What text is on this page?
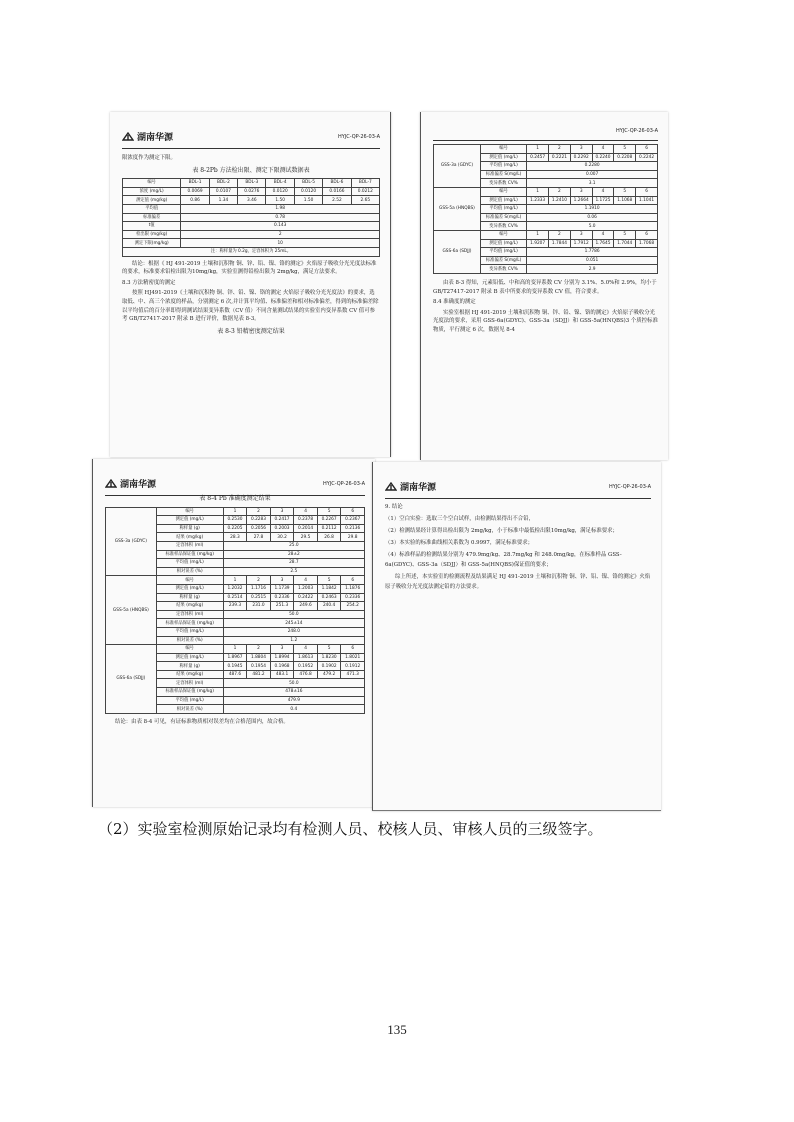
湖南华源	HYJC-QP-26-03-A

限浓度作为测定下限。

表 8-2Pb 方法检出限、测定下限测试数据表
编号	BDL-1	BDL-2	BDL-3	BDL-4	BDL-5	BDL-6	BDL-7
浓度 (mg/L)	0.0069	0.0107	0.0276	0.0120	0.0120	0.0166	0.0212
测定值 (mg/kg)	0.86	1.34	3.46	1.50	1.50	2.52	2.65
平均值	1.98						
标准偏差	0.78						
t值	0.143						
检出限 (mg/kg)	2						
测定下限(mg/kg)	10						
注：称样量为 0.2g，定容体积为 25mL。							

结论：根据《 HJ 491-2019 土壤和沉积物 铜、锌、铅、镍、铬的测定》火焰原子吸收分光光度法标准的要求，标准要求铅检出限为10mg/kg，实验室测得铅检出限为 2mg/kg，满足方法要求。

8.3 方法精密度的测定

按照 HJ491-2019《土壤和沉积物 铜、锌、铅、镍、铬的测定 火焰原子吸收分光光度法》的要求，选取低、中、高三个浓度的样品，分别测定 6 次,并计算平均值、标准偏差和相对标准偏差，得到的标准偏差除以平均值后的百分率即得到测试结果变异系数（CV 值）不同含量测试结果的实验室内变异系数 CV 值可参考 GB/T27417-2017 附录 B 进行评价，数据见表 8-3。

表 8-3 铅精密度测定结果
HYJC-QP-26-03-A
GSS-3a (GDYC)	编号	1	2	3	4	5	6
	测定值 (mg/L)	0.2457	0.2221	0.2292	0.2240	0.2208	0.2242
	平均值 (mg/L)	0.2280					
	标准偏差 S(mg/L)	0.007					
	变异系数 CV%	3.1					
GSS-5a (HNQBS)	编号	1	2	3	4	5	6
	测定值 (mg/L)	1.2333	1.2410	1.2664	1.1725	1.1068	1.1041
	平均值 (mg/L)	1.1910					
	标准偏差 S(mg/L)	0.06					
	变异系数 CV%	5.0					
GSS-6a (SDJJ)	编号	1	2	3	4	5	6
	测定值 (mg/L)	1.9207	1.7844	1.7912	1.7645	1.7044	1.7068
	平均值 (mg/L)	1.7786					
	标准偏差 S(mg/L)	0.051					
	变异系数 CV%	2.9					

由表 8-3 得知，元素铅低、中和高的变异系数 CV 分别为 3.1%、5.0%和 2.9%，均小于 GB/T27417-2017 附录 B 表中所要求的变异系数 CV 值，符合要求。

8.4 准确度的测定

实验室根据 HJ 491-2019 土壤和沉积物 铜、锌、铅、镍、铬的测定》火焰原子吸收分光光度法的要求，采用 GSS-6a(GDYC)、GSS-3a（SDJJ）和 GSS-5a(HNQBS)3 个质控标准物质，平行测定 6 次，数据见 8-4

湖南华源	HYJC-QP-26-03-A
表 8-4 Pb 准确度测定结果
GSS-3a (GDYC)	编号	1	2	3	4	5	6
	测定值 (mg/L)	0.2530	0.2283	0.2417	0.2378	0.2267	0.2367
	称样量 (g)	0.2205	0.2056	0.2003	0.2014	0.2112	0.2136
	结果 (mg/kg)	28.3	27.8	30.2	29.5	26.8	29.8
	定容体积 (ml)	25.0					
	标准样品保证值 (mg/kg)	28±2					
	平均值 (mg/L)	28.7					
	相对误差 (%)	2.5					
GSS-5a (HNQBS)	编号	1	2	3	4	5	6
	测定值 (mg/L)	1.2032	1.1716	1.1739	1.2003	1.1842	1.1876
	称样量 (g)	0.2514	0.2515	0.2336	0.2422	0.2463	0.2336
	结果 (mg/kg)	239.3	231.0	251.3	249.6	240.4	254.2
	定容体积 (ml)	50.0					
	标准样品保证值 (mg/kg)	245±14					
	平均值 (mg/L)	248.0					
	相对误差 (%)	1.2					
GSS-6a (SDJJ)	编号	1	2	3	4	5	6
	测定值 (mg/L)	1.8967	1.8804	1.8994	1.8613	1.8230	1.8021
	称样量 (g)	0.1945	0.1954	0.1968	0.1952	0.1902	0.1912
	结果 (mg/kg)	487.6	481.2	483.1	476.8	479.2	471.3
	定容体积 (ml)	50.0					
	标准样品保证值 (mg/kg)	478±16					
	平均值 (mg/L)	479.9					
	相对误差 (%)	0.4					

结论：由表 8-4 可见，有证标准物质相对误差均在合格范围内，故合格。

湖南华源	HYJC-QP-26-03-A

9. 结论

（1）空白实验：选取三个空白试样，由检测结果得出不合铅，

（2）检测结果经计算得出检出限为 2mg/kg，小于标准中最低检出限10mg/kg，满足标准要求；

（3）本实验的标准曲线相关系数为 0.9997，满足标准要求；

（4）标准样品的检测结果分别为 479.9mg/kg、28.7mg/kg 和 248.0mg/kg，在标准样品 GSS-6a(GDYC)、GSS-3a（SDJJ）和 GSS-5a(HNQBS)保证值的要求；

综上所述，本实验室的检测流程及结果满足 HJ 491-2019 土壤和沉积物 铜、锌、铅、镍、铬的测定》火焰原子吸收分光光度法测定铅的方法要求。

（2）实验室检测原始记录均有检测人员、校核人员、审核人员的三级签字。
135
